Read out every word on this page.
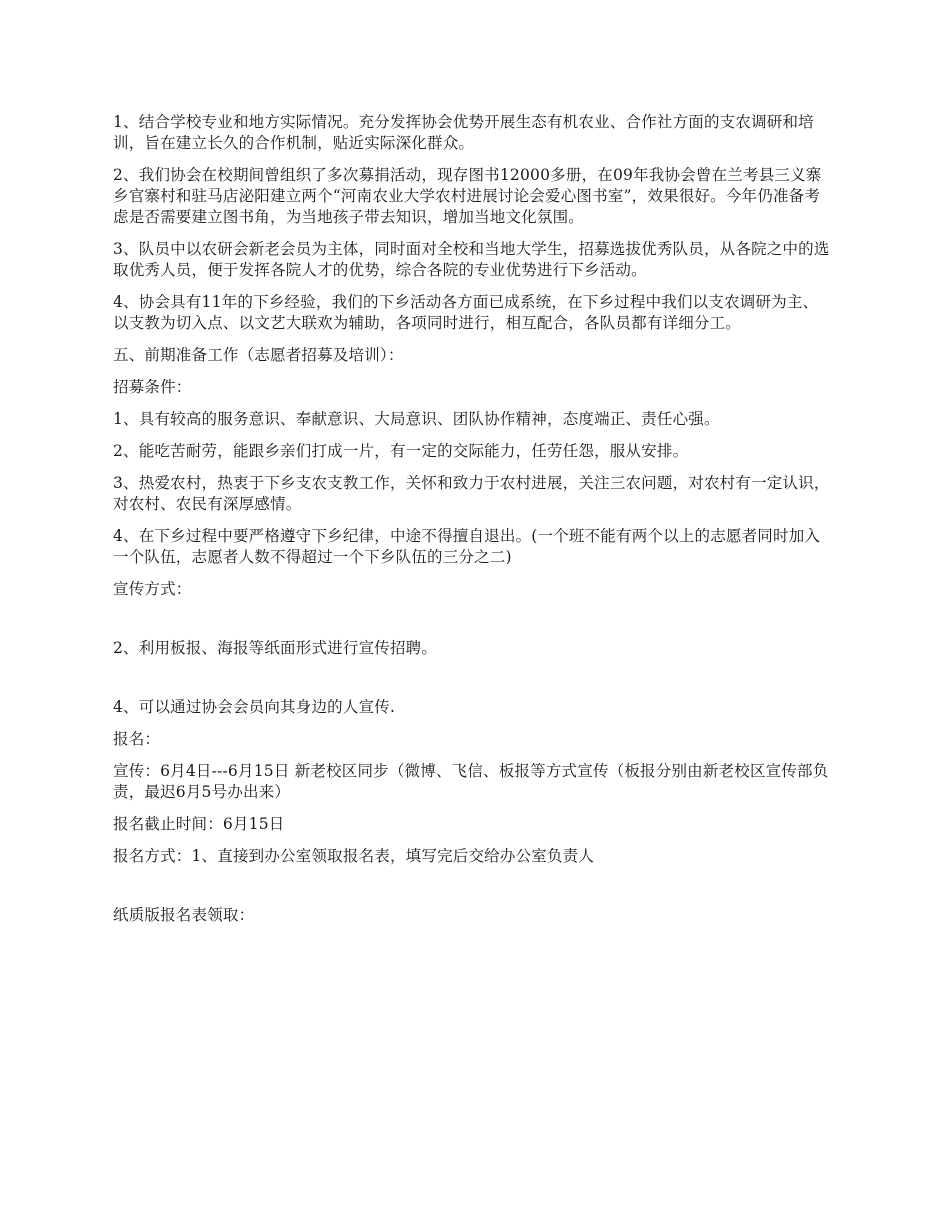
1、结合学校专业和地方实际情况。充分发挥协会优势开展生态有机农业、合作社方面的支农调研和培训，旨在建立长久的合作机制，贴近实际深化群众。

2、我们协会在校期间曾组织了多次募捐活动，现存图书12000多册，在09年我协会曾在兰考县三义寨乡官寨村和驻马店泌阳建立两个“河南农业大学农村进展讨论会爱心图书室”，效果很好。今年仍准备考虑是否需要建立图书角，为当地孩子带去知识，增加当地文化氛围。

3、队员中以农研会新老会员为主体，同时面对全校和当地大学生，招募选拔优秀队员，从各院之中的选取优秀人员，便于发挥各院人才的优势，综合各院的专业优势进行下乡活动。

4、协会具有11年的下乡经验，我们的下乡活动各方面已成系统，在下乡过程中我们以支农调研为主、以支教为切入点、以文艺大联欢为辅助，各项同时进行，相互配合，各队员都有详细分工。

五、前期准备工作（志愿者招募及培训）：

招募条件：

1、具有较高的服务意识、奉献意识、大局意识、团队协作精神，态度端正、责任心强。

2、能吃苦耐劳，能跟乡亲们打成一片，有一定的交际能力，任劳任怨，服从安排。

3、热爱农村，热衷于下乡支农支教工作，关怀和致力于农村进展，关注三农问题，对农村有一定认识，对农村、农民有深厚感情。

4、在下乡过程中要严格遵守下乡纪律，中途不得擅自退出。(一个班不能有两个以上的志愿者同时加入一个队伍，志愿者人数不得超过一个下乡队伍的三分之二)

宣传方式：

2、利用板报、海报等纸面形式进行宣传招聘。

4、可以通过协会会员向其身边的人宣传.

报名：

宣传：6月4日---6月15日 新老校区同步（微博、飞信、板报等方式宣传（板报分别由新老校区宣传部负责，最迟6月5号办出来）

报名截止时间：6月15日

报名方式：1、直接到办公室领取报名表，填写完后交给办公室负责人

纸质版报名表领取：
